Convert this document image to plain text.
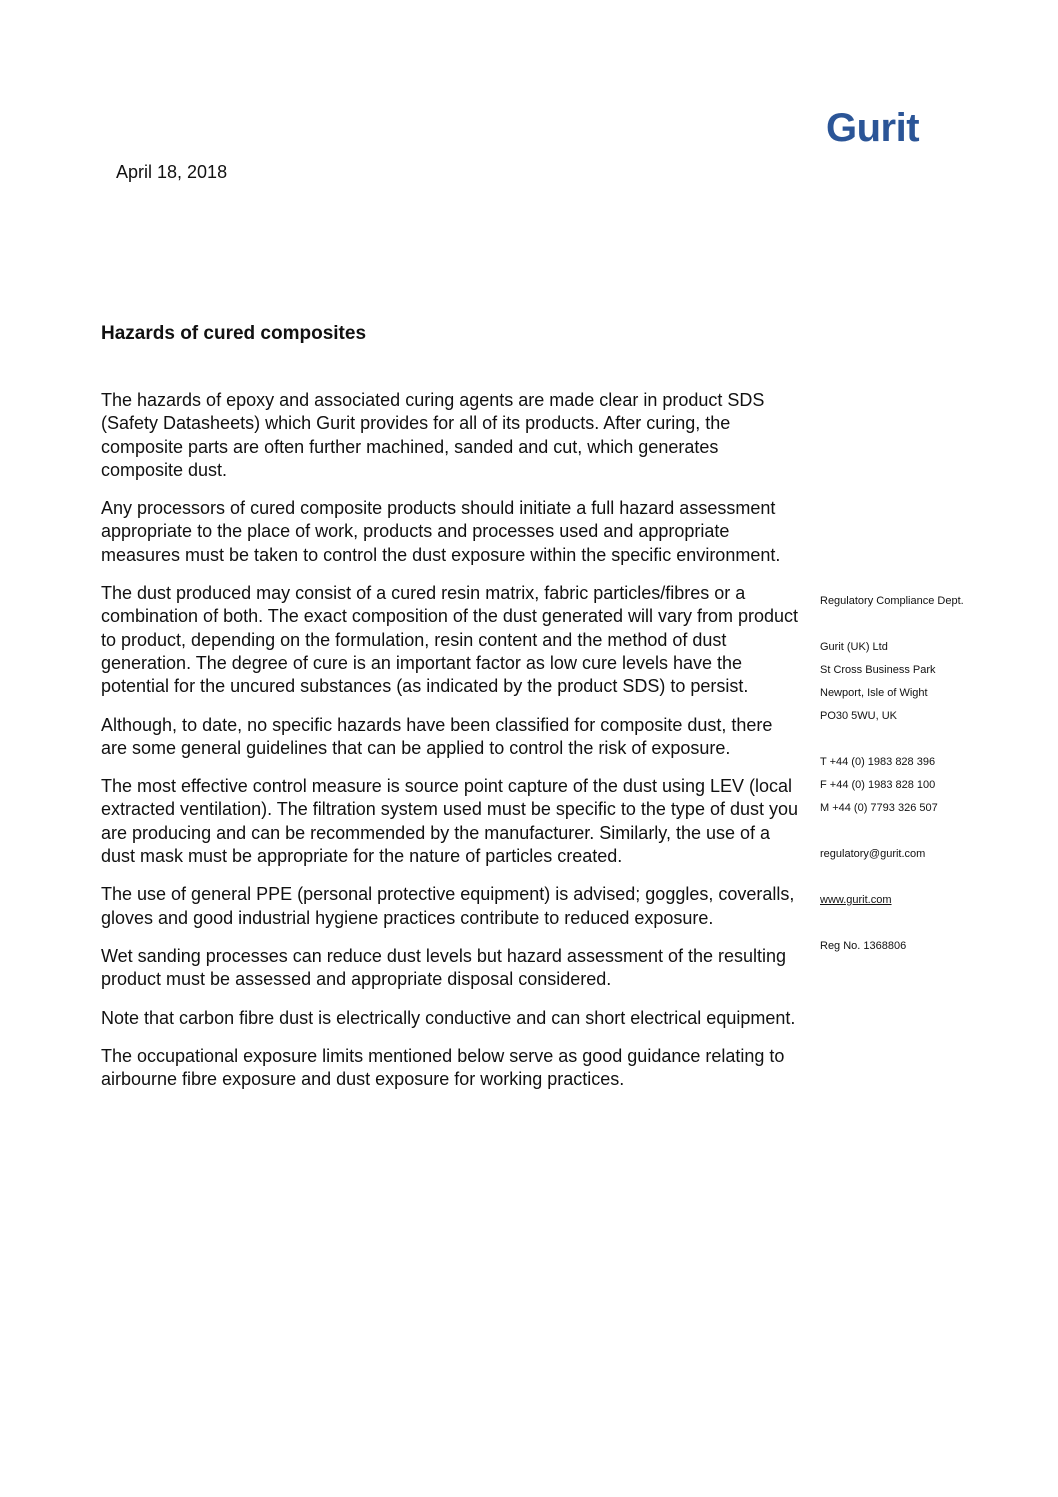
Gurit
April 18, 2018
Hazards of cured composites

The hazards of epoxy and associated curing agents are made clear in product SDS (Safety Datasheets) which Gurit provides for all of its products. After curing, the composite parts are often further machined, sanded and cut, which generates composite dust.

Any processors of cured composite products should initiate a full hazard assessment appropriate to the place of work, products and processes used and appropriate measures must be taken to control the dust exposure within the specific environment.

The dust produced may consist of a cured resin matrix, fabric particles/fibres or a combination of both. The exact composition of the dust generated will vary from product to product, depending on the formulation, resin content and the method of dust generation. The degree of cure is an important factor as low cure levels have the potential for the uncured substances (as indicated by the product SDS) to persist.

Although, to date, no specific hazards have been classified for composite dust, there are some general guidelines that can be applied to control the risk of exposure.

The most effective control measure is source point capture of the dust using LEV (local extracted ventilation). The filtration system used must be specific to the type of dust you are producing and can be recommended by the manufacturer. Similarly, the use of a dust mask must be appropriate for the nature of particles created.

The use of general PPE (personal protective equipment) is advised; goggles, coveralls, gloves and good industrial hygiene practices contribute to reduced exposure.

Wet sanding processes can reduce dust levels but hazard assessment of the resulting product must be assessed and appropriate disposal considered.

Note that carbon fibre dust is electrically conductive and can short electrical equipment.

The occupational exposure limits mentioned below serve as good guidance relating to airbourne fibre exposure and dust exposure for working practices.

Regulatory Compliance Dept.
Gurit (UK) Ltd
St Cross Business Park
Newport, Isle of Wight
PO30 5WU, UK
T +44 (0) 1983 828 396
F +44 (0) 1983 828 100
M +44 (0) 7793 326 507
regulatory@gurit.com
www.gurit.com
Reg No. 1368806
